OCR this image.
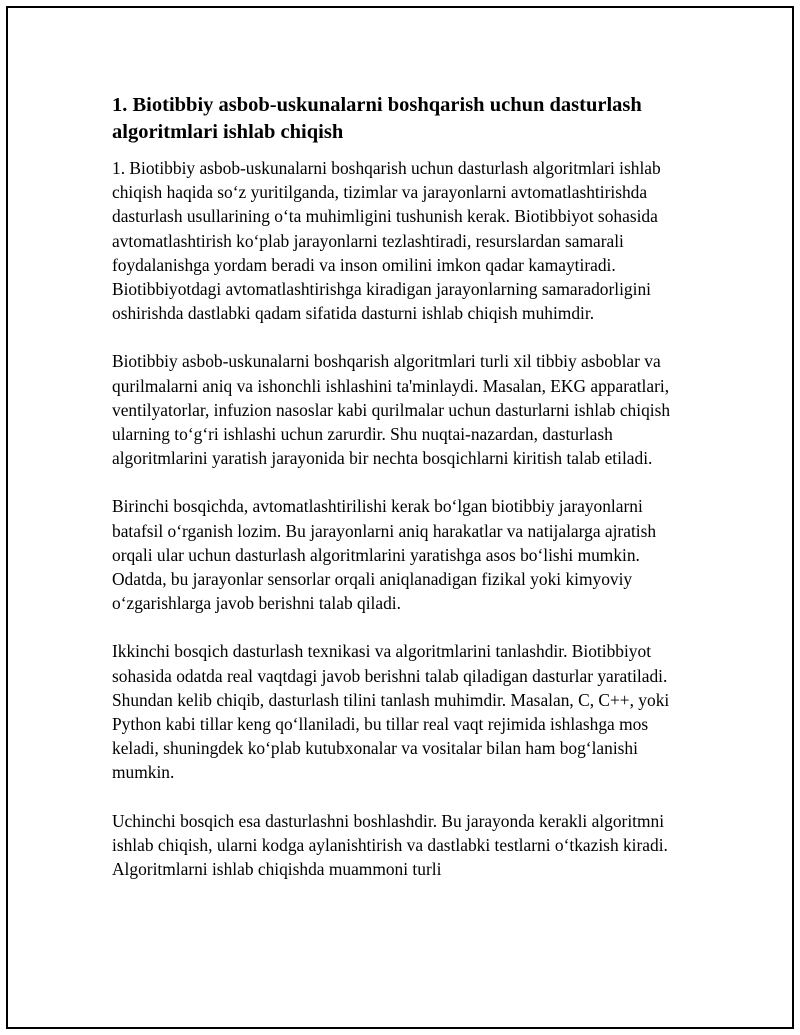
1. Biotibbiy asbob-uskunalarni boshqarish uchun dasturlash algoritmlari ishlab chiqish

1. Biotibbiy asbob-uskunalarni boshqarish uchun dasturlash algoritmlari ishlab chiqish haqida so‘z yuritilganda, tizimlar va jarayonlarni avtomatlashtirishda dasturlash usullarining o‘ta muhimligini tushunish kerak. Biotibbiyot sohasida avtomatlashtirish ko‘plab jarayonlarni tezlashtiradi, resurslardan samarali foydalanishga yordam beradi va inson omilini imkon qadar kamaytiradi. Biotibbiyotdagi avtomatlashtirishga kiradigan jarayonlarning samaradorligini oshirishda dastlabki qadam sifatida dasturni ishlab chiqish muhimdir.

Biotibbiy asbob-uskunalarni boshqarish algoritmlari turli xil tibbiy asboblar va qurilmalarni aniq va ishonchli ishlashini ta'minlaydi. Masalan, EKG apparatlari, ventilyatorlar, infuzion nasoslar kabi qurilmalar uchun dasturlarni ishlab chiqish ularning to‘g‘ri ishlashi uchun zarurdir. Shu nuqtai-nazardan, dasturlash algoritmlarini yaratish jarayonida bir nechta bosqichlarni kiritish talab etiladi.

Birinchi bosqichda, avtomatlashtirilishi kerak bo‘lgan biotibbiy jarayonlarni batafsil o‘rganish lozim. Bu jarayonlarni aniq harakatlar va natijalarga ajratish orqali ular uchun dasturlash algoritmlarini yaratishga asos bo‘lishi mumkin. Odatda, bu jarayonlar sensorlar orqali aniqlanadigan fizikal yoki kimyoviy o‘zgarishlarga javob berishni talab qiladi.

Ikkinchi bosqich dasturlash texnikasi va algoritmlarini tanlashdir. Biotibbiyot sohasida odatda real vaqtdagi javob berishni talab qiladigan dasturlar yaratiladi. Shundan kelib chiqib, dasturlash tilini tanlash muhimdir. Masalan, C, C++, yoki Python kabi tillar keng qo‘llaniladi, bu tillar real vaqt rejimida ishlashga mos keladi, shuningdek ko‘plab kutubxonalar va vositalar bilan ham bog‘lanishi mumkin.

Uchinchi bosqich esa dasturlashni boshlashdir. Bu jarayonda kerakli algoritmni ishlab chiqish, ularni kodga aylanishtirish va dastlabki testlarni o‘tkazish kiradi. Algoritmlarni ishlab chiqishda muammoni turli
